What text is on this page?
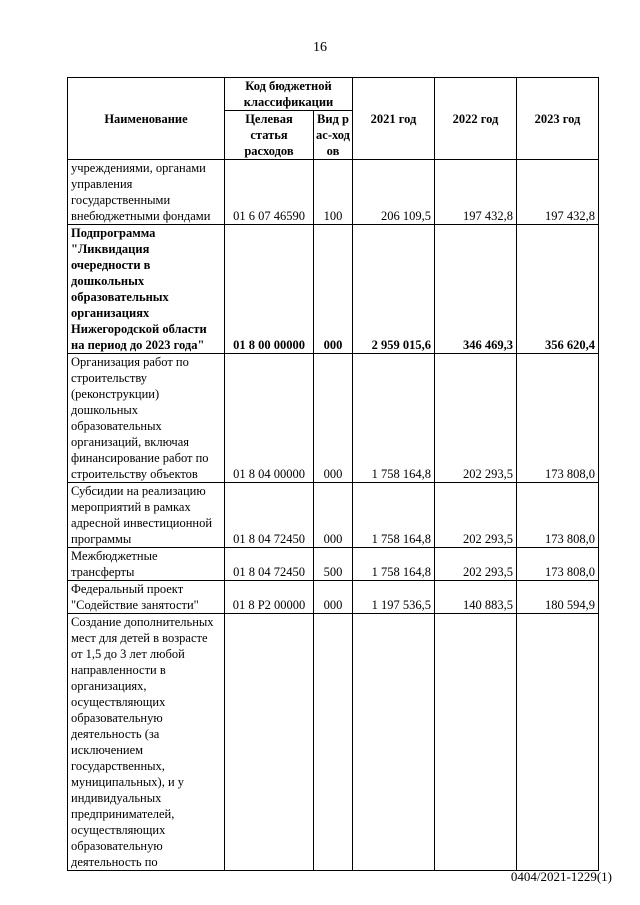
16
Наименование	Код бюджетной классификации		2021 год	2022 год	2023 год
	Целевая статья расходов	Вид рас-ходов			
учреждениями, органами управления государственными внебюджетными фондами	01 6 07 46590	100	206 109,5	197 432,8	197 432,8
Подпрограмма "Ликвидация очередности в дошкольных образовательных организациях Нижегородской области на период до 2023 года"	01 8 00 00000	000	2 959 015,6	346 469,3	356 620,4
Организация работ по строительству (реконструкции) дошкольных образовательных организаций, включая финансирование работ по строительству объектов	01 8 04 00000	000	1 758 164,8	202 293,5	173 808,0
Субсидии на реализацию мероприятий в рамках адресной инвестиционной программы	01 8 04 72450	000	1 758 164,8	202 293,5	173 808,0
Межбюджетные трансферты	01 8 04 72450	500	1 758 164,8	202 293,5	173 808,0
Федеральный проект "Содействие занятости"	01 8 P2 00000	000	1 197 536,5	140 883,5	180 594,9
Создание дополнительных мест для детей в возрасте от 1,5 до 3 лет любой направленности в организациях, осуществляющих образовательную деятельность (за исключением государственных, муниципальных), и у индивидуальных предпринимателей, осуществляющих образовательную деятельность по					
0404/2021-1229(1)
